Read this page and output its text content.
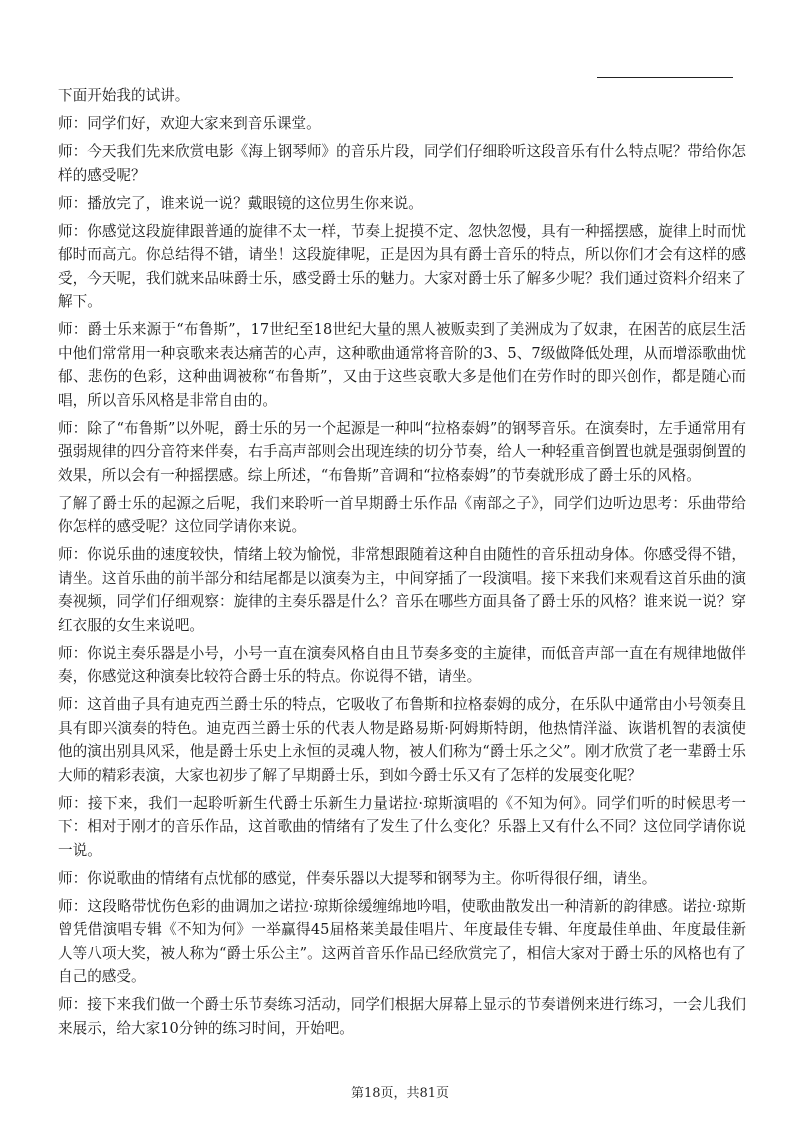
下面开始我的试讲。

师：同学们好，欢迎大家来到音乐课堂。

师：今天我们先来欣赏电影《海上钢琴师》的音乐片段，同学们仔细聆听这段音乐有什么特点呢？带给你怎样的感受呢？

师：播放完了，谁来说一说？戴眼镜的这位男生你来说。

师：你感觉这段旋律跟普通的旋律不太一样，节奏上捉摸不定、忽快忽慢，具有一种摇摆感，旋律上时而忧郁时而高亢。你总结得不错，请坐！这段旋律呢，正是因为具有爵士音乐的特点，所以你们才会有这样的感受，今天呢，我们就来品味爵士乐，感受爵士乐的魅力。大家对爵士乐了解多少呢？我们通过资料介绍来了解下。

师：爵士乐来源于“布鲁斯”，17世纪至18世纪大量的黑人被贩卖到了美洲成为了奴隶，在困苦的底层生活中他们常常用一种哀歌来表达痛苦的心声，这种歌曲通常将音阶的3、5、7级做降低处理，从而增添歌曲忧郁、悲伤的色彩，这种曲调被称“布鲁斯”，又由于这些哀歌大多是他们在劳作时的即兴创作，都是随心而唱，所以音乐风格是非常自由的。

师：除了“布鲁斯”以外呢，爵士乐的另一个起源是一种叫“拉格泰姆”的钢琴音乐。在演奏时，左手通常用有强弱规律的四分音符来伴奏，右手高声部则会出现连续的切分节奏，给人一种轻重音倒置也就是强弱倒置的效果，所以会有一种摇摆感。综上所述，“布鲁斯”音调和“拉格泰姆”的节奏就形成了爵士乐的风格。

了解了爵士乐的起源之后呢，我们来聆听一首早期爵士乐作品《南部之子》，同学们边听边思考：乐曲带给你怎样的感受呢？这位同学请你来说。

师：你说乐曲的速度较快，情绪上较为愉悦，非常想跟随着这种自由随性的音乐扭动身体。你感受得不错，请坐。这首乐曲的前半部分和结尾都是以演奏为主，中间穿插了一段演唱。接下来我们来观看这首乐曲的演奏视频，同学们仔细观察：旋律的主奏乐器是什么？音乐在哪些方面具备了爵士乐的风格？谁来说一说？穿红衣服的女生来说吧。

师：你说主奏乐器是小号，小号一直在演奏风格自由且节奏多变的主旋律，而低音声部一直在有规律地做伴奏，你感觉这种演奏比较符合爵士乐的特点。你说得不错，请坐。

师：这首曲子具有迪克西兰爵士乐的特点，它吸收了布鲁斯和拉格泰姆的成分，在乐队中通常由小号领奏且具有即兴演奏的特色。迪克西兰爵士乐的代表人物是路易斯·阿姆斯特朗，他热情洋溢、诙谐机智的表演使他的演出别具风采，他是爵士乐史上永恒的灵魂人物，被人们称为“爵士乐之父”。刚才欣赏了老一辈爵士乐大师的精彩表演，大家也初步了解了早期爵士乐，到如今爵士乐又有了怎样的发展变化呢？

师：接下来，我们一起聆听新生代爵士乐新生力量诺拉·琼斯演唱的《不知为何》。同学们听的时候思考一下：相对于刚才的音乐作品，这首歌曲的情绪有了发生了什么变化？乐器上又有什么不同？这位同学请你说一说。

师：你说歌曲的情绪有点忧郁的感觉，伴奏乐器以大提琴和钢琴为主。你听得很仔细，请坐。

师：这段略带忧伤色彩的曲调加之诺拉·琼斯徐缓缠绵地吟唱，使歌曲散发出一种清新的韵律感。诺拉·琼斯曾凭借演唱专辑《不知为何》一举赢得45届格莱美最佳唱片、年度最佳专辑、年度最佳单曲、年度最佳新人等八项大奖，被人称为“爵士乐公主”。这两首音乐作品已经欣赏完了，相信大家对于爵士乐的风格也有了自己的感受。

师：接下来我们做一个爵士乐节奏练习活动，同学们根据大屏幕上显示的节奏谱例来进行练习，一会儿我们来展示，给大家10分钟的练习时间，开始吧。

第18页，共81页
